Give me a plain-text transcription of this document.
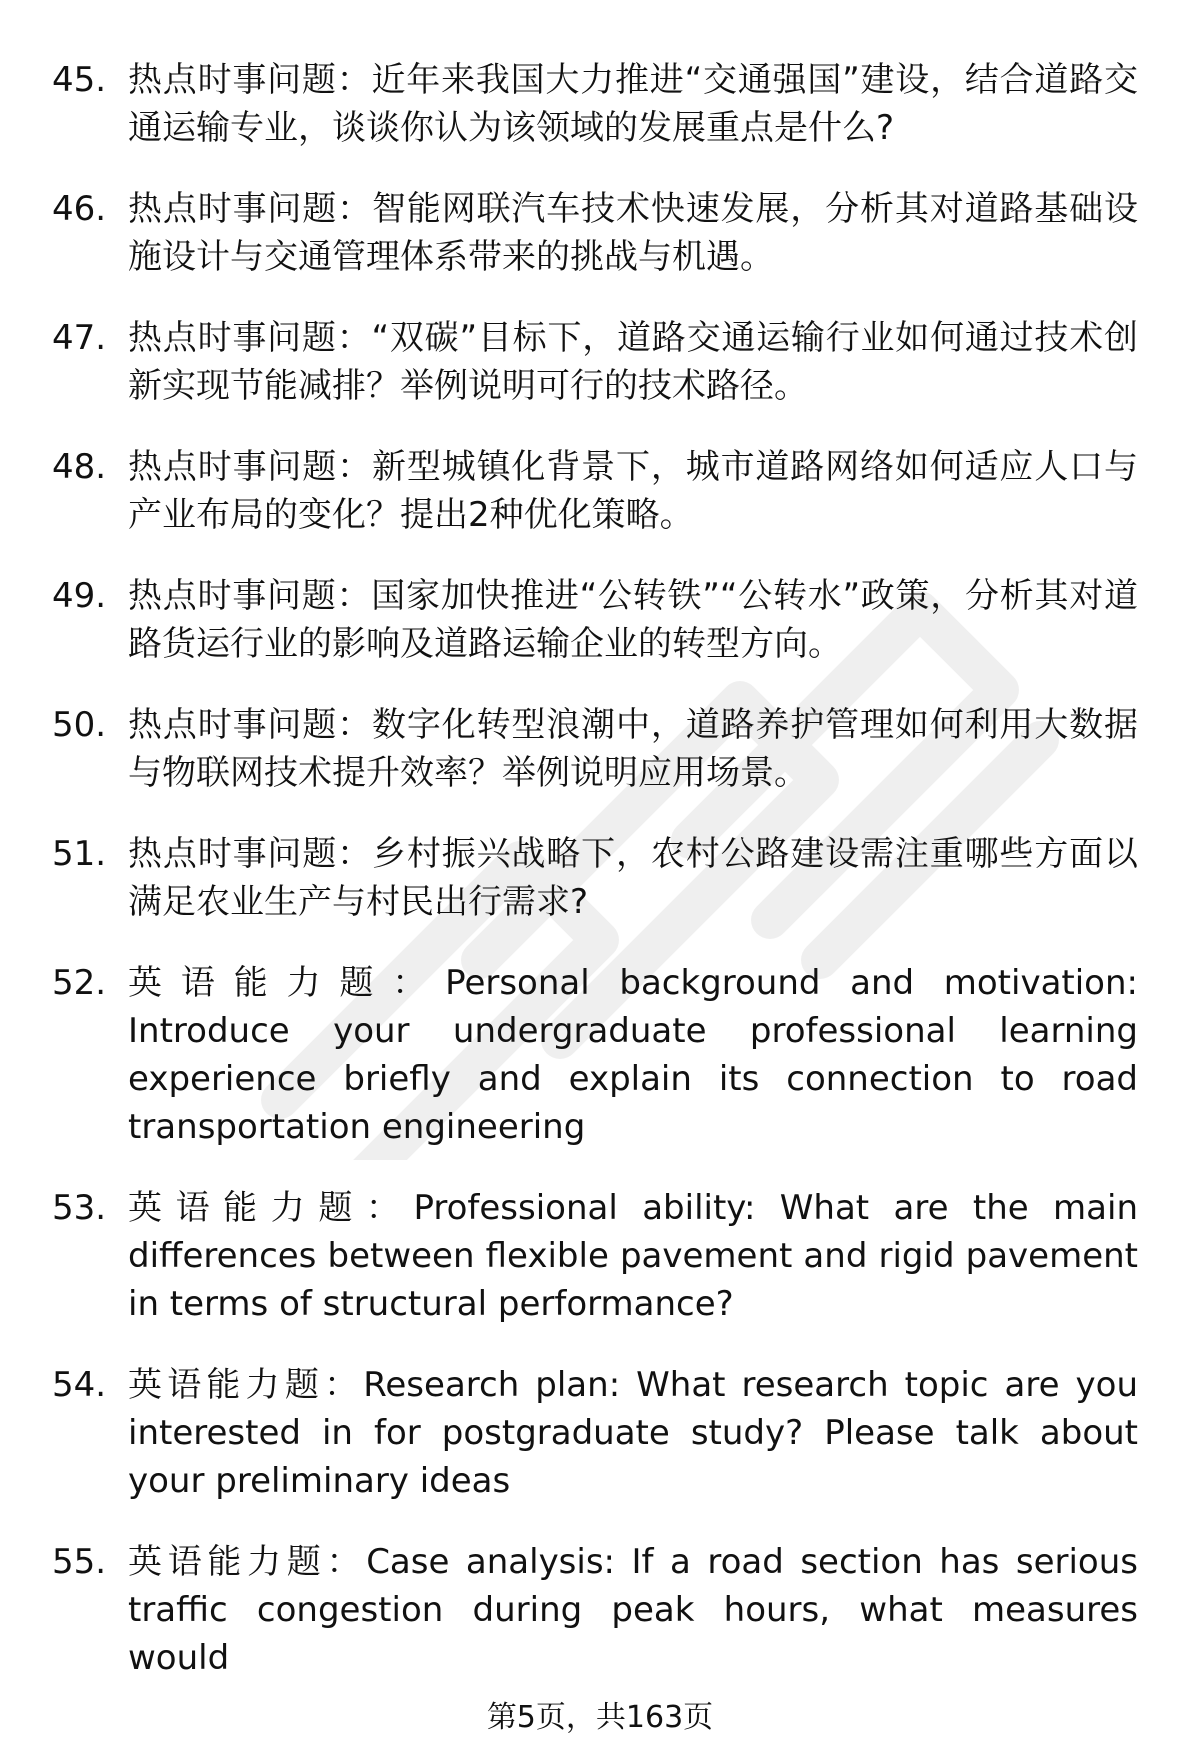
45. 热点时事问题：近年来我国大力推进“交通强国”建设，结合道路交通运输专业，谈谈你认为该领域的发展重点是什么?
46. 热点时事问题：智能网联汽车技术快速发展，分析其对道路基础设施设计与交通管理体系带来的挑战与机遇。
47. 热点时事问题：“双碳”目标下，道路交通运输行业如何通过技术创新实现节能减排？举例说明可行的技术路径。
48. 热点时事问题：新型城镇化背景下，城市道路网络如何适应人口与产业布局的变化？提出2种优化策略。
49. 热点时事问题：国家加快推进“公转铁”“公转水”政策，分析其对道路货运行业的影响及道路运输企业的转型方向。
50. 热点时事问题：数字化转型浪潮中，道路养护管理如何利用大数据与物联网技术提升效率？举例说明应用场景。
51. 热点时事问题：乡村振兴战略下，农村公路建设需注重哪些方面以满足农业生产与村民出行需求?
52. 英语能力题：Personal background and motivation: Introduce your undergraduate professional learning experience briefly and explain its connection to road transportation engineering
53. 英语能力题：Professional ability: What are the main differences between flexible pavement and rigid pavement in terms of structural performance?
54. 英语能力题：Research plan: What research topic are you interested in for postgraduate study? Please talk about your preliminary ideas
55. 英语能力题：Case analysis: If a road section has serious traffic congestion during peak hours, what measures would
第5页，共163页
